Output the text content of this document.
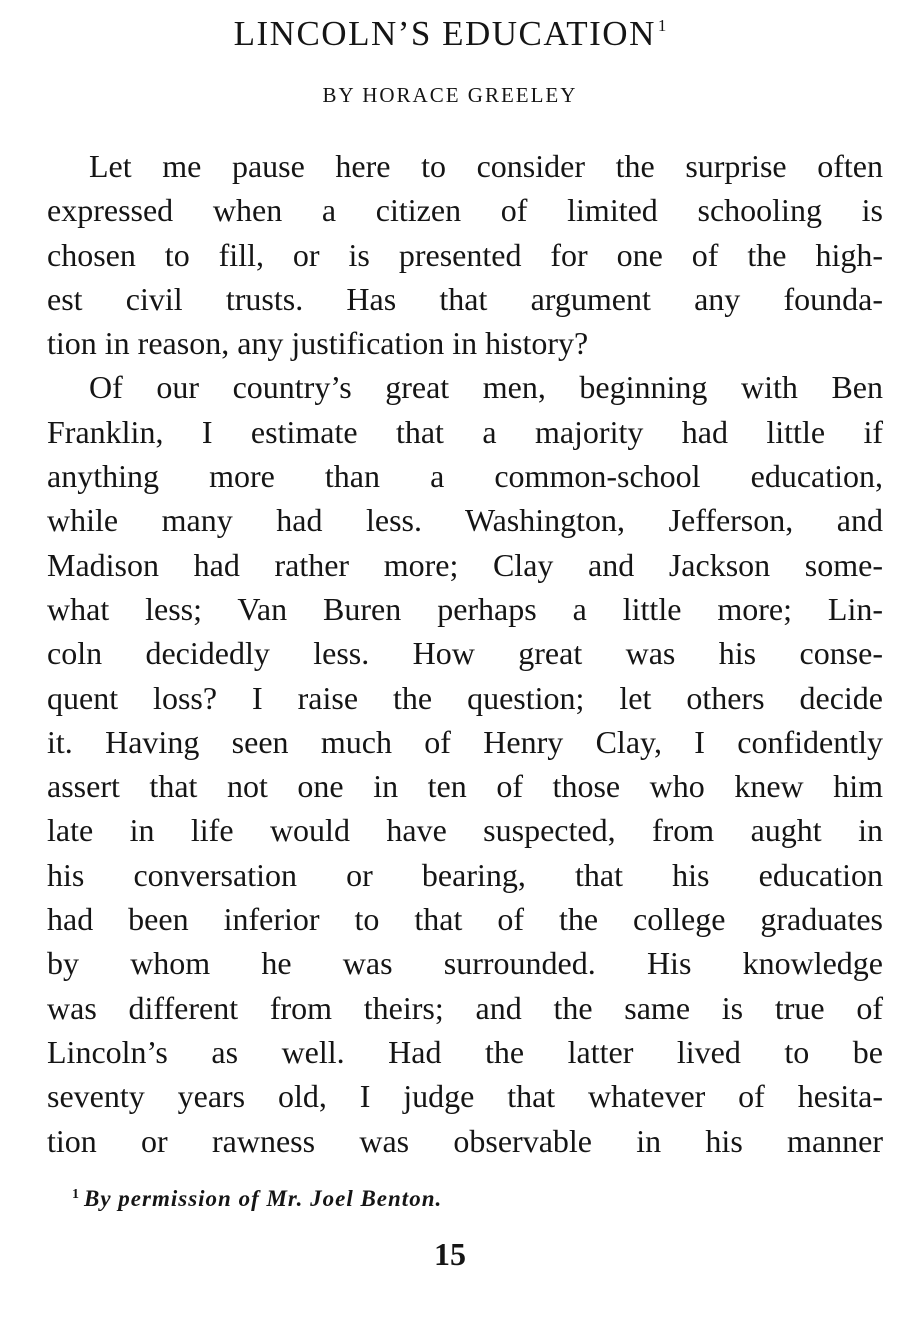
LINCOLN’S EDUCATION $^1$
BY HORACE GREELEY
Let me pause here to consider the surprise often
expressed when a citizen of limited schooling is
chosen to fill, or is presented for one of the high-
est civil trusts. Has that argument any founda-
tion in reason, any justification in history?
Of our country’s great men, beginning with Ben
Franklin, I estimate that a majority had little if
anything more than a common-school education,
while many had less. Washington, Jefferson, and
Madison had rather more; Clay and Jackson some-
what less; Van Buren perhaps a little more; Lin-
coln decidedly less. How great was his conse-
quent loss? I raise the question; let others decide
it. Having seen much of Henry Clay, I confidently
assert that not one in ten of those who knew him
late in life would have suspected, from aught in
his conversation or bearing, that his education
had been inferior to that of the college graduates
by whom he was surrounded. His knowledge
was different from theirs; and the same is true of
Lincoln’s as well. Had the latter lived to be
seventy years old, I judge that whatever of hesita-
tion or rawness was observable in his manner
$^1$ By permission of Mr. Joel Benton.
15
